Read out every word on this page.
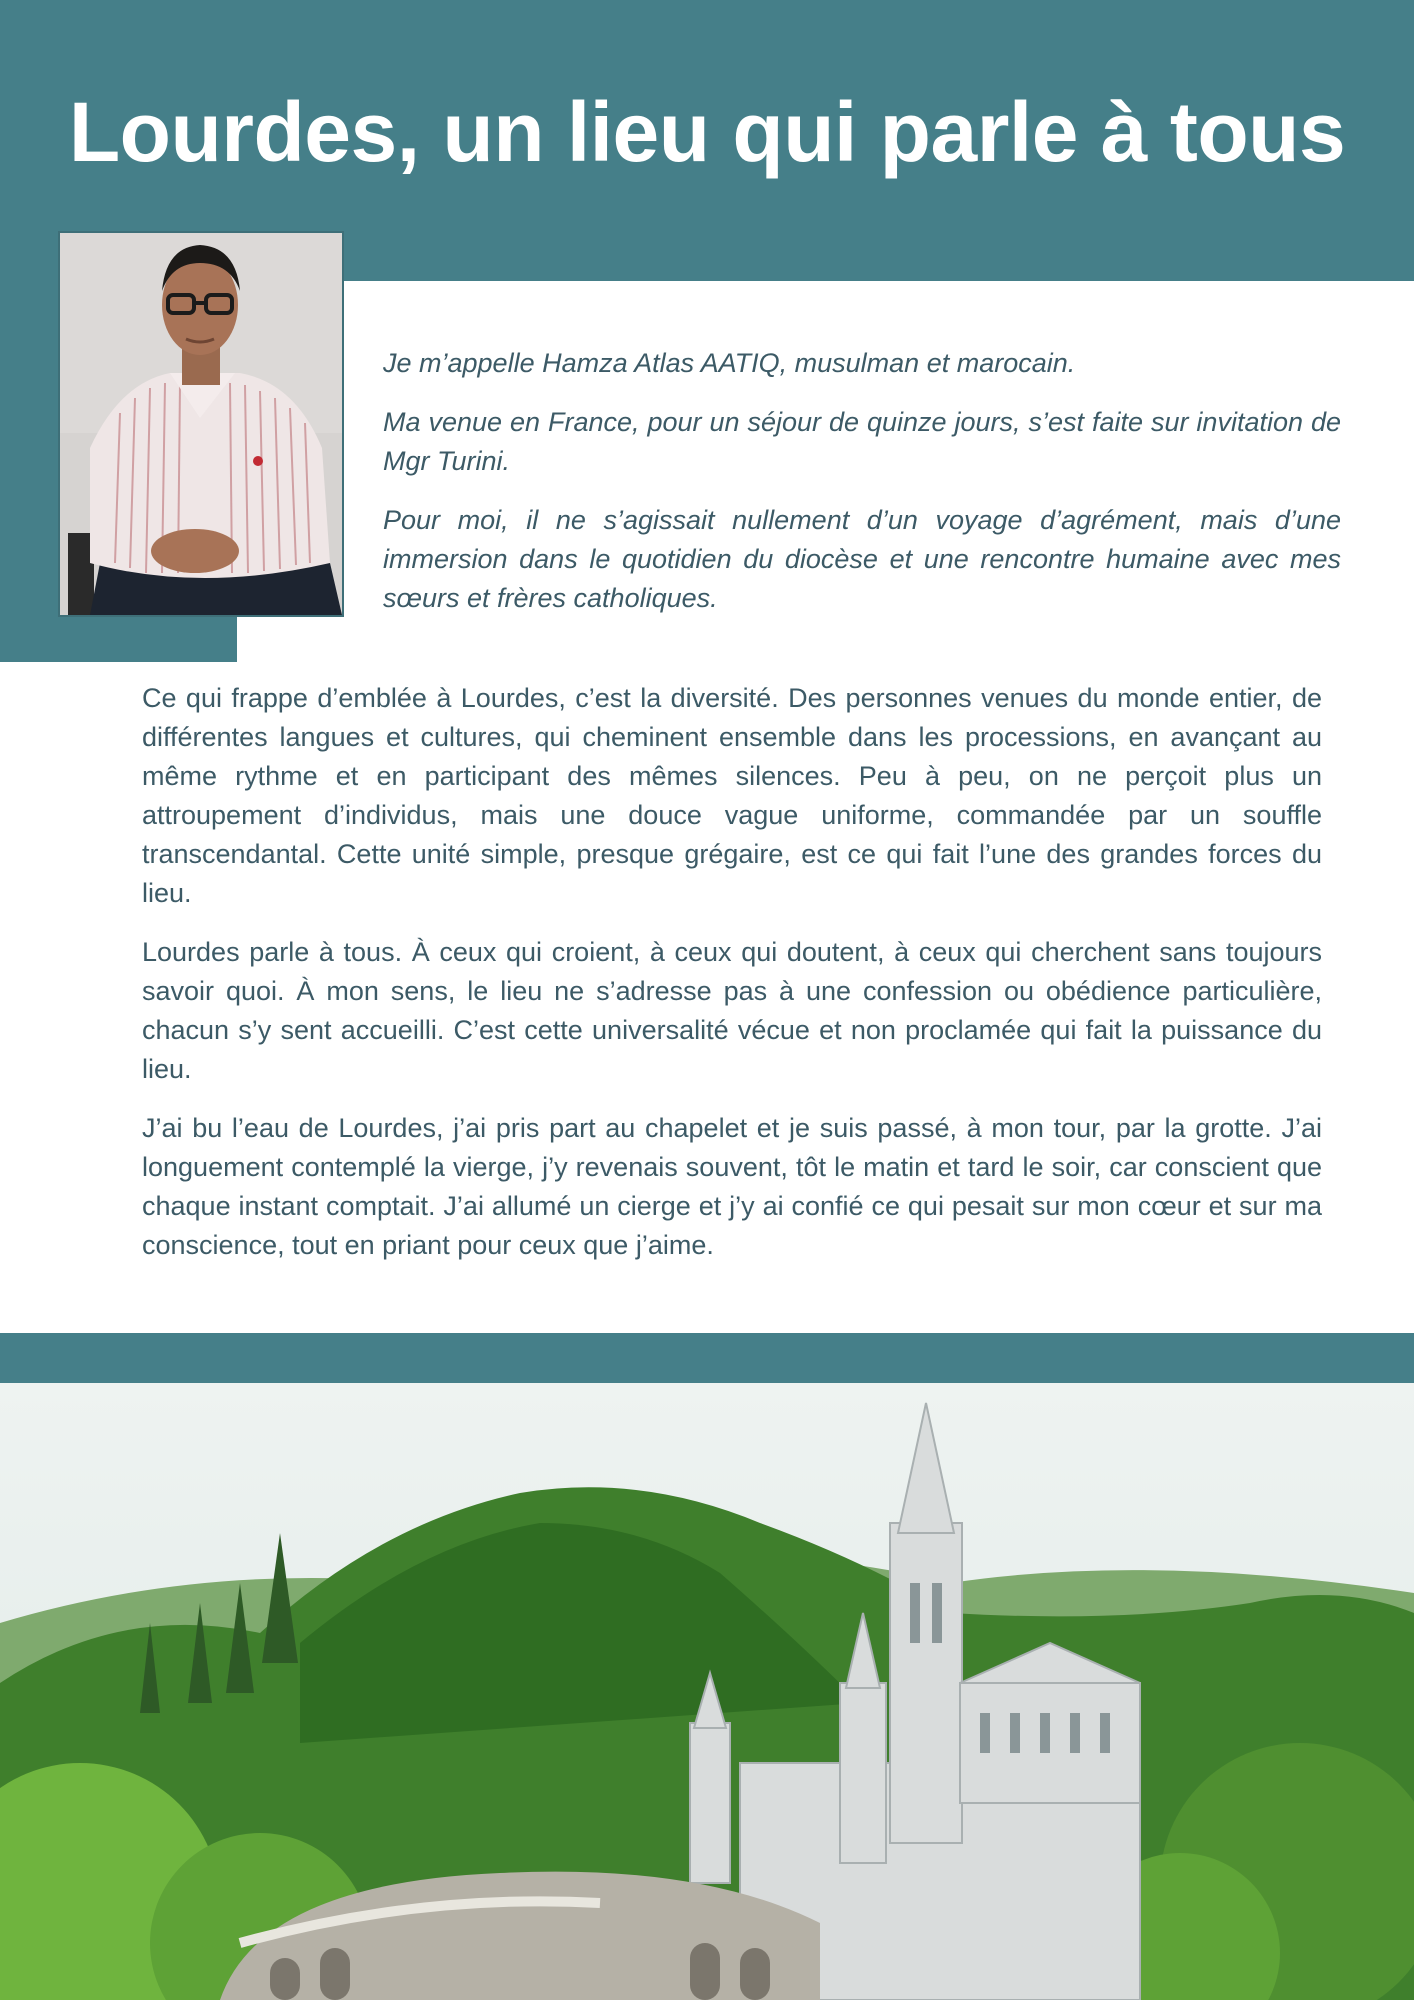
Lourdes, un lieu qui parle à tous

Je m’appelle Hamza Atlas AATIQ, musulman et marocain.

Ma venue en France, pour un séjour de quinze jours, s’est faite sur invitation de Mgr Turini.

Pour moi, il ne s’agissait nullement d’un voyage d’agrément, mais d’une immersion dans le quotidien du diocèse et une rencontre humaine avec mes sœurs et frères catholiques.

Ce qui frappe d’emblée à Lourdes, c’est la diversité. Des personnes venues du monde entier, de différentes langues et cultures, qui cheminent ensemble dans les processions, en avançant au même rythme et en participant des mêmes silences. Peu à peu, on ne perçoit plus un attroupement d’individus, mais une douce vague uniforme, commandée par un souffle transcendantal. Cette unité simple, presque grégaire, est ce qui fait l’une des grandes forces du lieu.

Lourdes parle à tous. À ceux qui croient, à ceux qui doutent, à ceux qui cherchent sans toujours savoir quoi. À mon sens, le lieu ne s’adresse pas à une confession ou obédience particulière, chacun s’y sent accueilli. C’est cette universalité vécue et non proclamée qui fait la puissance du lieu.

J’ai bu l’eau de Lourdes, j’ai pris part au chapelet et je suis passé, à mon tour, par la grotte. J’ai longuement contemplé la vierge, j’y revenais souvent, tôt le matin et tard le soir, car conscient que chaque instant comptait. J’ai allumé un cierge et j’y ai confié ce qui pesait sur mon cœur et sur ma conscience, tout en priant pour ceux que j’aime.
